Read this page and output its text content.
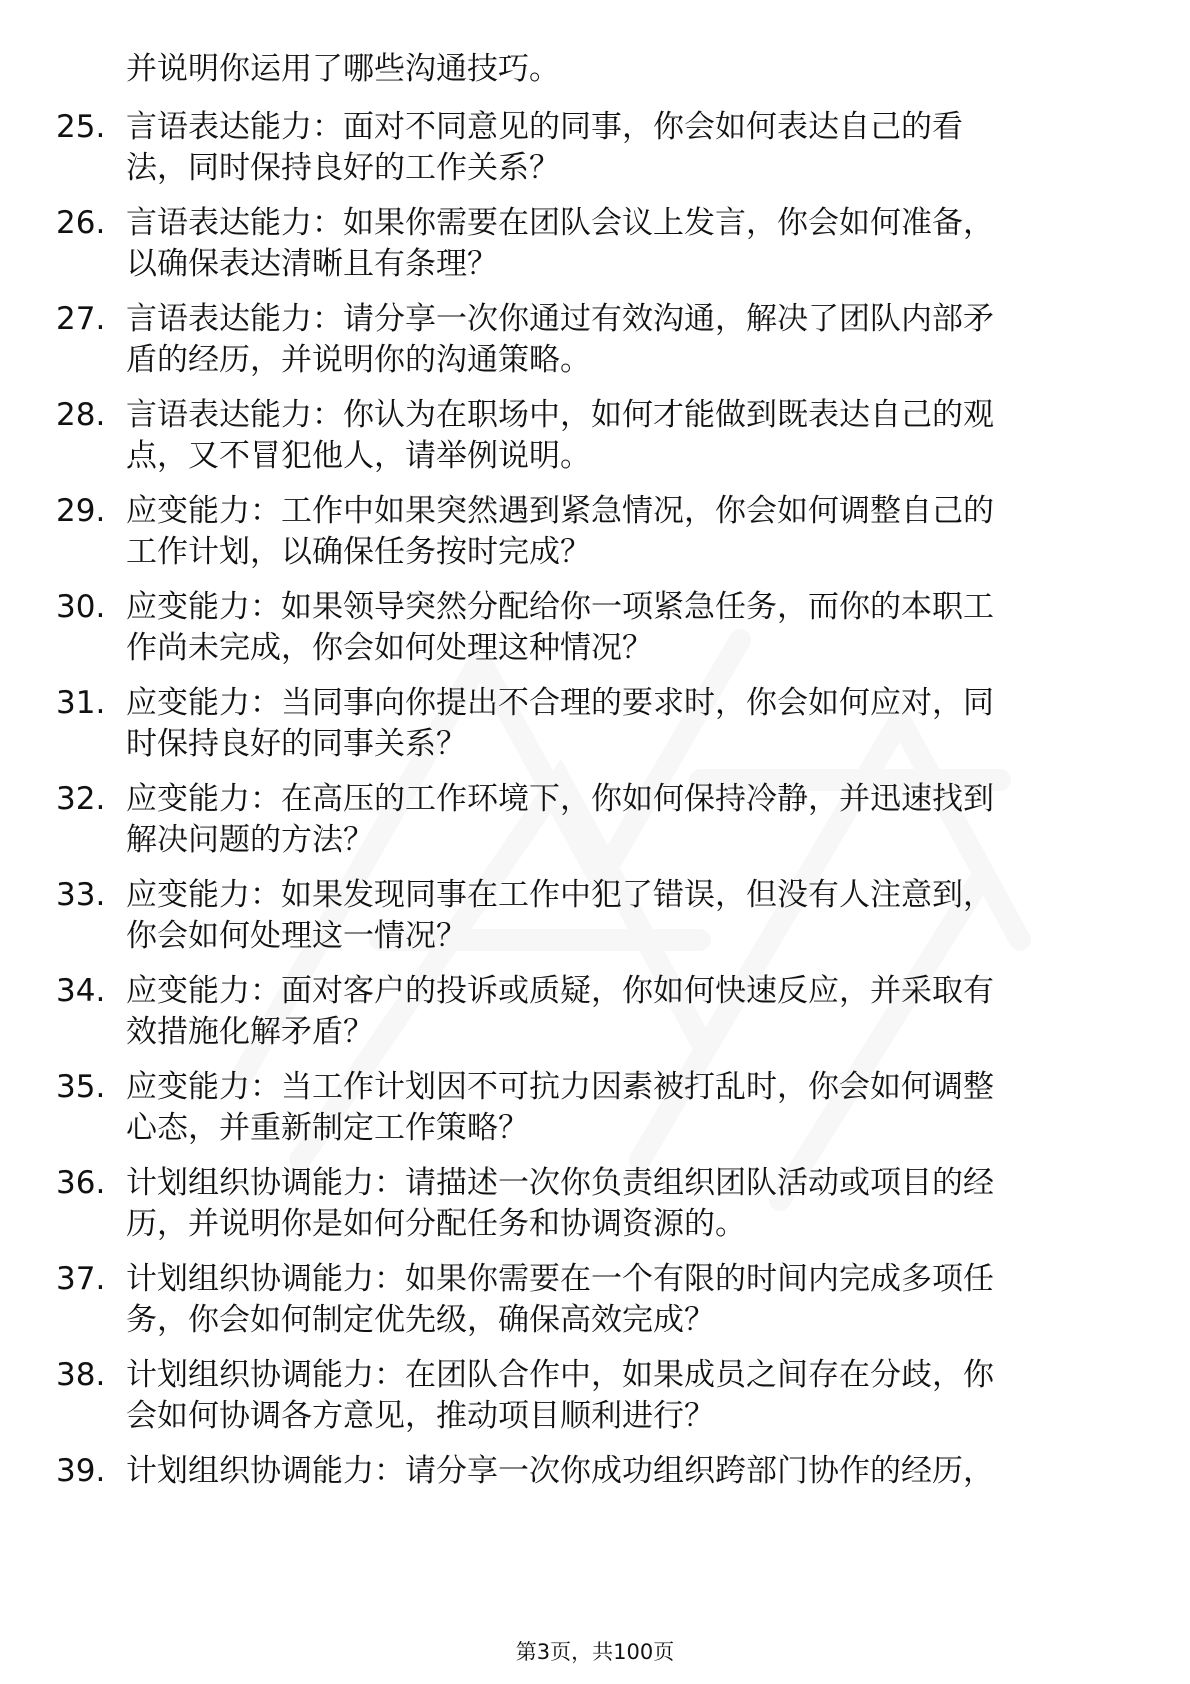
并说明你运用了哪些沟通技巧。
25. 言语表达能力：面对不同意见的同事，你会如何表达自己的看
法，同时保持良好的工作关系？
26. 言语表达能力：如果你需要在团队会议上发言，你会如何准备，
以确保表达清晰且有条理？
27. 言语表达能力：请分享一次你通过有效沟通，解决了团队内部矛
盾的经历，并说明你的沟通策略。
28. 言语表达能力：你认为在职场中，如何才能做到既表达自己的观
点，又不冒犯他人，请举例说明。
29. 应变能力：工作中如果突然遇到紧急情况，你会如何调整自己的
工作计划，以确保任务按时完成？
30. 应变能力：如果领导突然分配给你一项紧急任务，而你的本职工
作尚未完成，你会如何处理这种情况？
31. 应变能力：当同事向你提出不合理的要求时，你会如何应对，同
时保持良好的同事关系？
32. 应变能力：在高压的工作环境下，你如何保持冷静，并迅速找到
解决问题的方法？
33. 应变能力：如果发现同事在工作中犯了错误，但没有人注意到，
你会如何处理这一情况？
34. 应变能力：面对客户的投诉或质疑，你如何快速反应，并采取有
效措施化解矛盾？
35. 应变能力：当工作计划因不可抗力因素被打乱时，你会如何调整
心态，并重新制定工作策略？
36. 计划组织协调能力：请描述一次你负责组织团队活动或项目的经
历，并说明你是如何分配任务和协调资源的。
37. 计划组织协调能力：如果你需要在一个有限的时间内完成多项任
务，你会如何制定优先级，确保高效完成？
38. 计划组织协调能力：在团队合作中，如果成员之间存在分歧，你
会如何协调各方意见，推动项目顺利进行？
39. 计划组织协调能力：请分享一次你成功组织跨部门协作的经历，
第3页，共100页
